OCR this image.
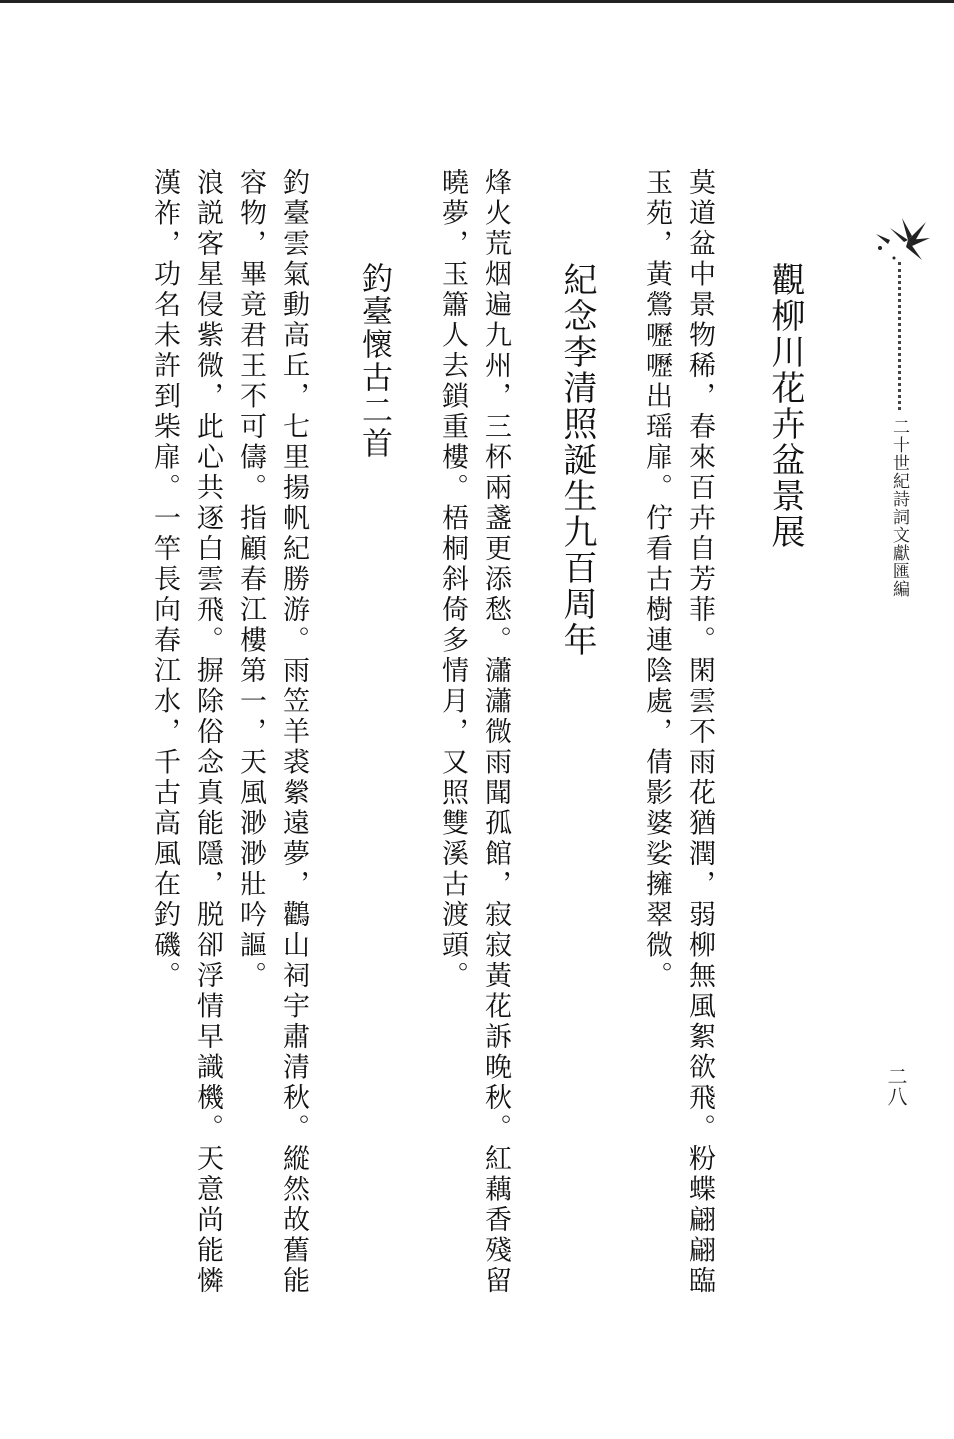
二十世紀詩詞文獻匯編
二八
觀柳川花卉盆景展
莫道盆中景物稀，春來百卉自芳菲。閑雲不雨花猶潤，弱柳無風絮欲飛。粉蝶翩翩臨
玉苑，黃鶯嚦嚦出瑶扉。佇看古樹連陰處，倩影婆娑擁翠微。
紀念李清照誕生九百周年
烽火荒烟遍九州，三杯兩盞更添愁。瀟瀟微雨聞孤館，寂寂黃花訴晚秋。紅藕香殘留
曉夢，玉簫人去鎖重樓。梧桐斜倚多情月，又照雙溪古渡頭。
釣臺懷古二首
釣臺雲氣動高丘，七里揚帆紀勝游。雨笠羊裘縈遠夢，鸛山祠宇肅清秋。縱然故舊能
容物，畢竟君王不可儔。指顧春江樓第一，天風渺渺壯吟謳。
浪説客星侵紫微，此心共逐白雲飛。摒除俗念真能隱，脱卻浮情早識機。天意尚能憐
漢祚，功名未許到柴扉。一竿長向春江水，千古高風在釣磯。
